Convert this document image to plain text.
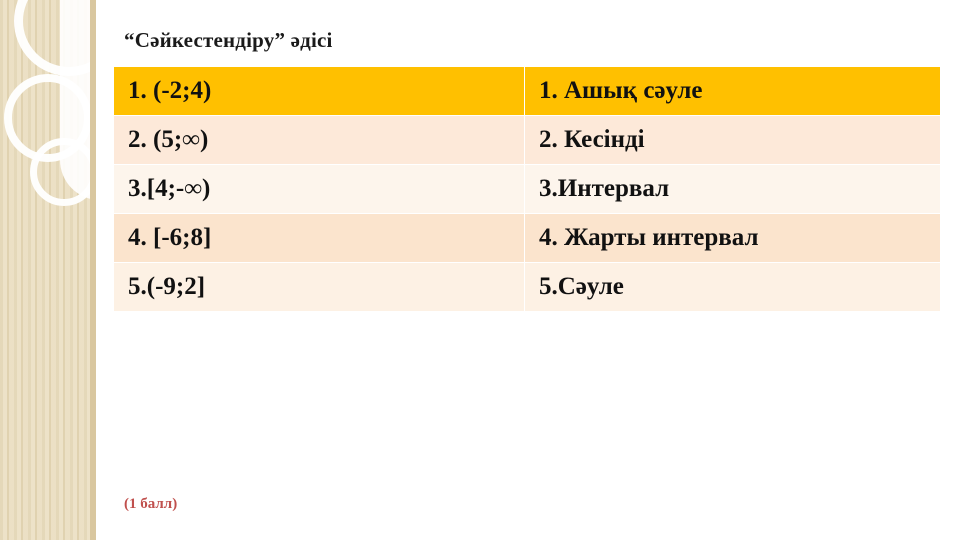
“Сәйкестендіру” әдісі
1. (-2;4)	1. Ашық сәуле
2. (5;∞)	2. Кесінді
3.[4;-∞)	3.Интервал
4. [-6;8]	4. Жарты интервал
5.(-9;2]	5.Сәуле
(1 балл)
